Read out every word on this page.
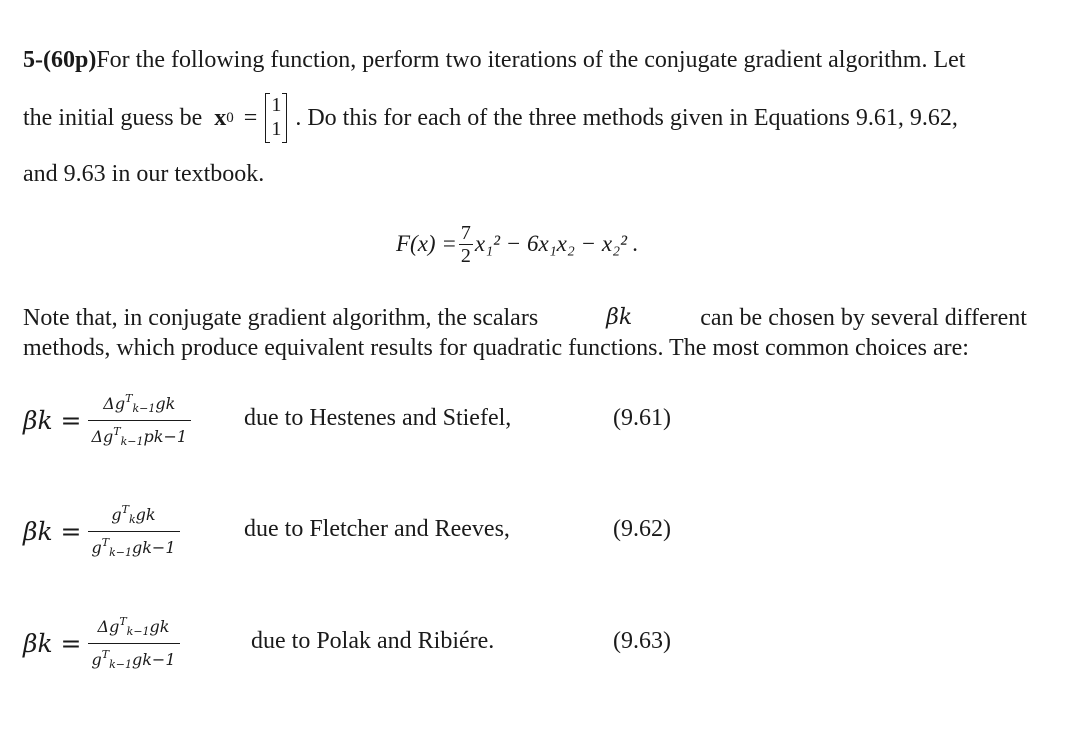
5-(60p)For the following function, perform two iterations of the conjugate gradient algorithm. Let
the initial guess be x 0 = 1
1 . Do this for each of the three methods given in Equations 9.61, 9.62,
and 9.63 in our textbook.
$F(x) = \frac{7}{2} x_1^2 - 6x_1x_2 - x_2^2$ .
Note that, in conjugate gradient algorithm, the scalars	βk	can be chosen by several different
methods, which produce equivalent results for quadratic functions. The most common choices are:
$\beta k = \frac{\Delta g^T_{k-1}gk}{\Delta g^T_{k-1}pk-1}$ due to Hestenes and Stiefel,	(9.61)
$\beta k = \frac{g^T_kgk}{g^T_{k-1}gk-1}$	due to Fletcher and Reeves,	(9.62)
$\beta k = \frac{\Delta g^T_{k-1}gk}{g^T_{k-1}gk-1}$	due to Polak and Ribiére.	(9.63)
